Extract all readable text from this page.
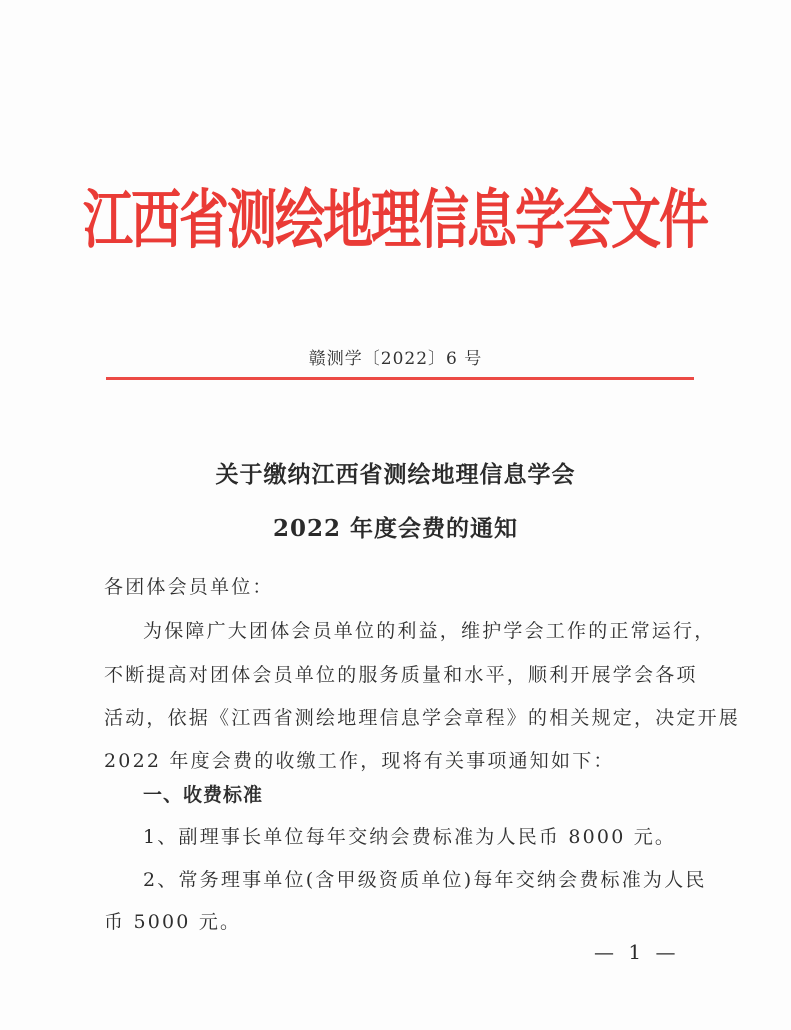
江西省测绘地理信息学会文件
赣测学〔2022〕6 号
关于缴纳江西省测绘地理信息学会
2022 年度会费的通知
各团体会员单位：
为保障广大团体会员单位的利益，维护学会工作的正常运行，
不断提高对团体会员单位的服务质量和水平，顺利开展学会各项
活动，依据《江西省测绘地理信息学会章程》的相关规定，决定开展
2022 年度会费的收缴工作，现将有关事项通知如下：
一、收费标准
1、副理事长单位每年交纳会费标准为人民币 8000 元。
2、常务理事单位(含甲级资质单位)每年交纳会费标准为人民
币 5000 元。
— 1 —
